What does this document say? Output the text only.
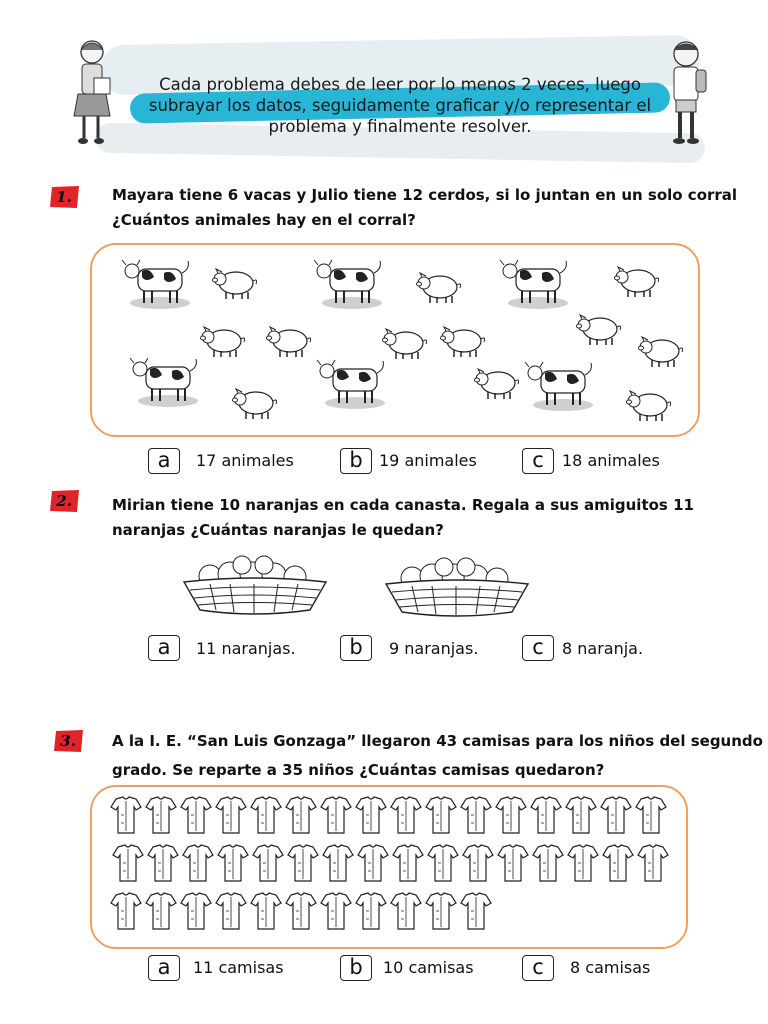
Cada problema debes de leer por lo menos 2 veces, luego
subrayar los datos, seguidamente graficar y/o representar el
problema y finalmente resolver.
1.	Mayara tiene 6 vacas y Julio tiene 12 cerdos, si lo juntan en un solo corral
¿Cuántos animales hay en el corral?
a	17 animales	b	19 animales	c	18 animales
2.	Mirian tiene 10 naranjas en cada canasta. Regala a sus amiguitos 11
naranjas ¿Cuántas naranjas le quedan?
a	11 naranjas.	b	9 naranjas.	c	8 naranja.
3. A la I. E. “San Luis Gonzaga” llegaron 43 camisas para los niños del segundo
grado. Se reparte a 35 niños ¿Cuántas camisas quedaron?
a	11 camisas	b	10 camisas	c	8 camisas
